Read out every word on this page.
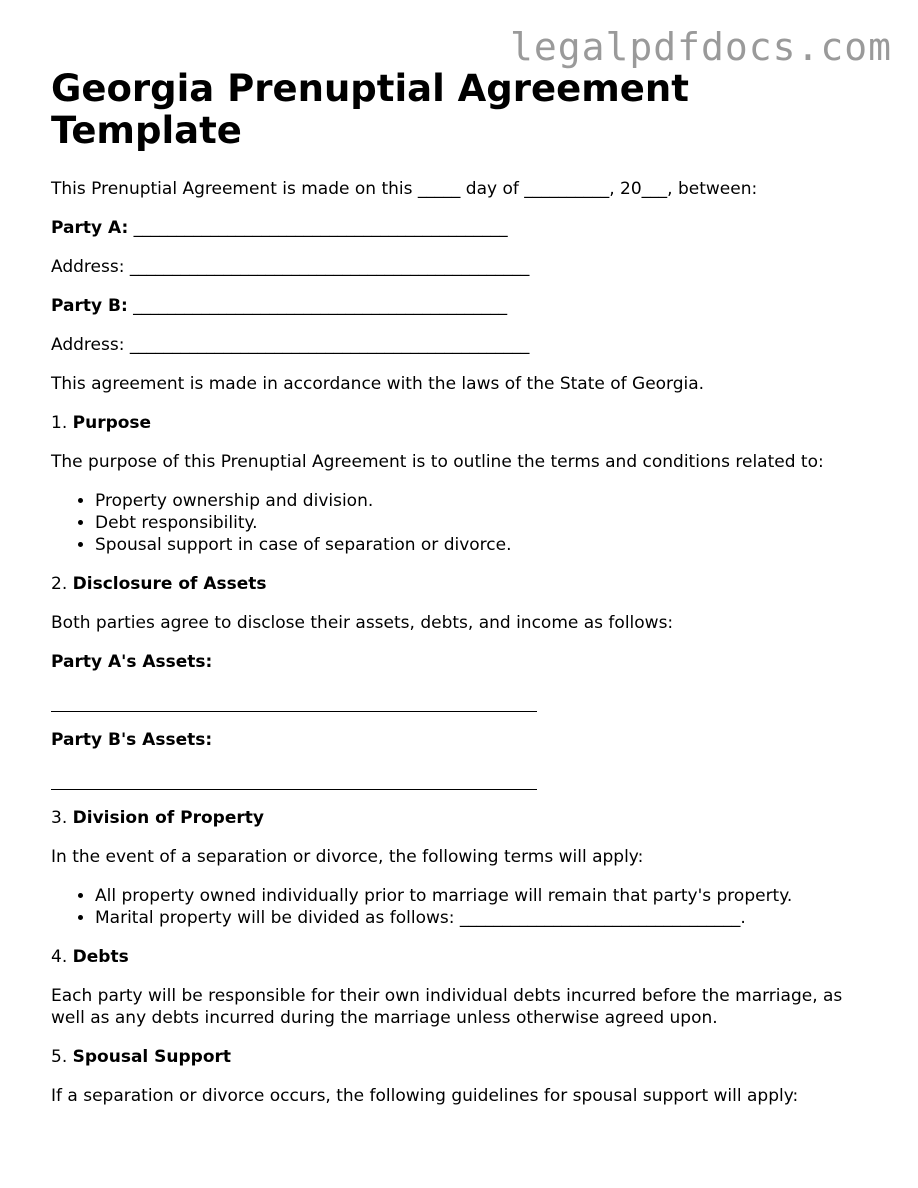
legalpdfdocs.com
Georgia Prenuptial Agreement Template

This Prenuptial Agreement is made on this _____ day of __________, 20___, between:

Party A: ____________________________________________

Address: _______________________________________________

Party B: ____________________________________________

Address: _______________________________________________

This agreement is made in accordance with the laws of the State of Georgia.

1. Purpose

The purpose of this Prenuptial Agreement is to outline the terms and conditions related to:

• Property ownership and division.
• Debt responsibility.
• Spousal support in case of separation or divorce.

2. Disclosure of Assets

Both parties agree to disclose their assets, debts, and income as follows:

Party A's Assets:

Party B's Assets:

3. Division of Property

In the event of a separation or divorce, the following terms will apply:

• All property owned individually prior to marriage will remain that party's property.
• Marital property will be divided as follows: _________________________________.

4. Debts

Each party will be responsible for their own individual debts incurred before the marriage, as well as any debts incurred during the marriage unless otherwise agreed upon.

5. Spousal Support

If a separation or divorce occurs, the following guidelines for spousal support will apply:
